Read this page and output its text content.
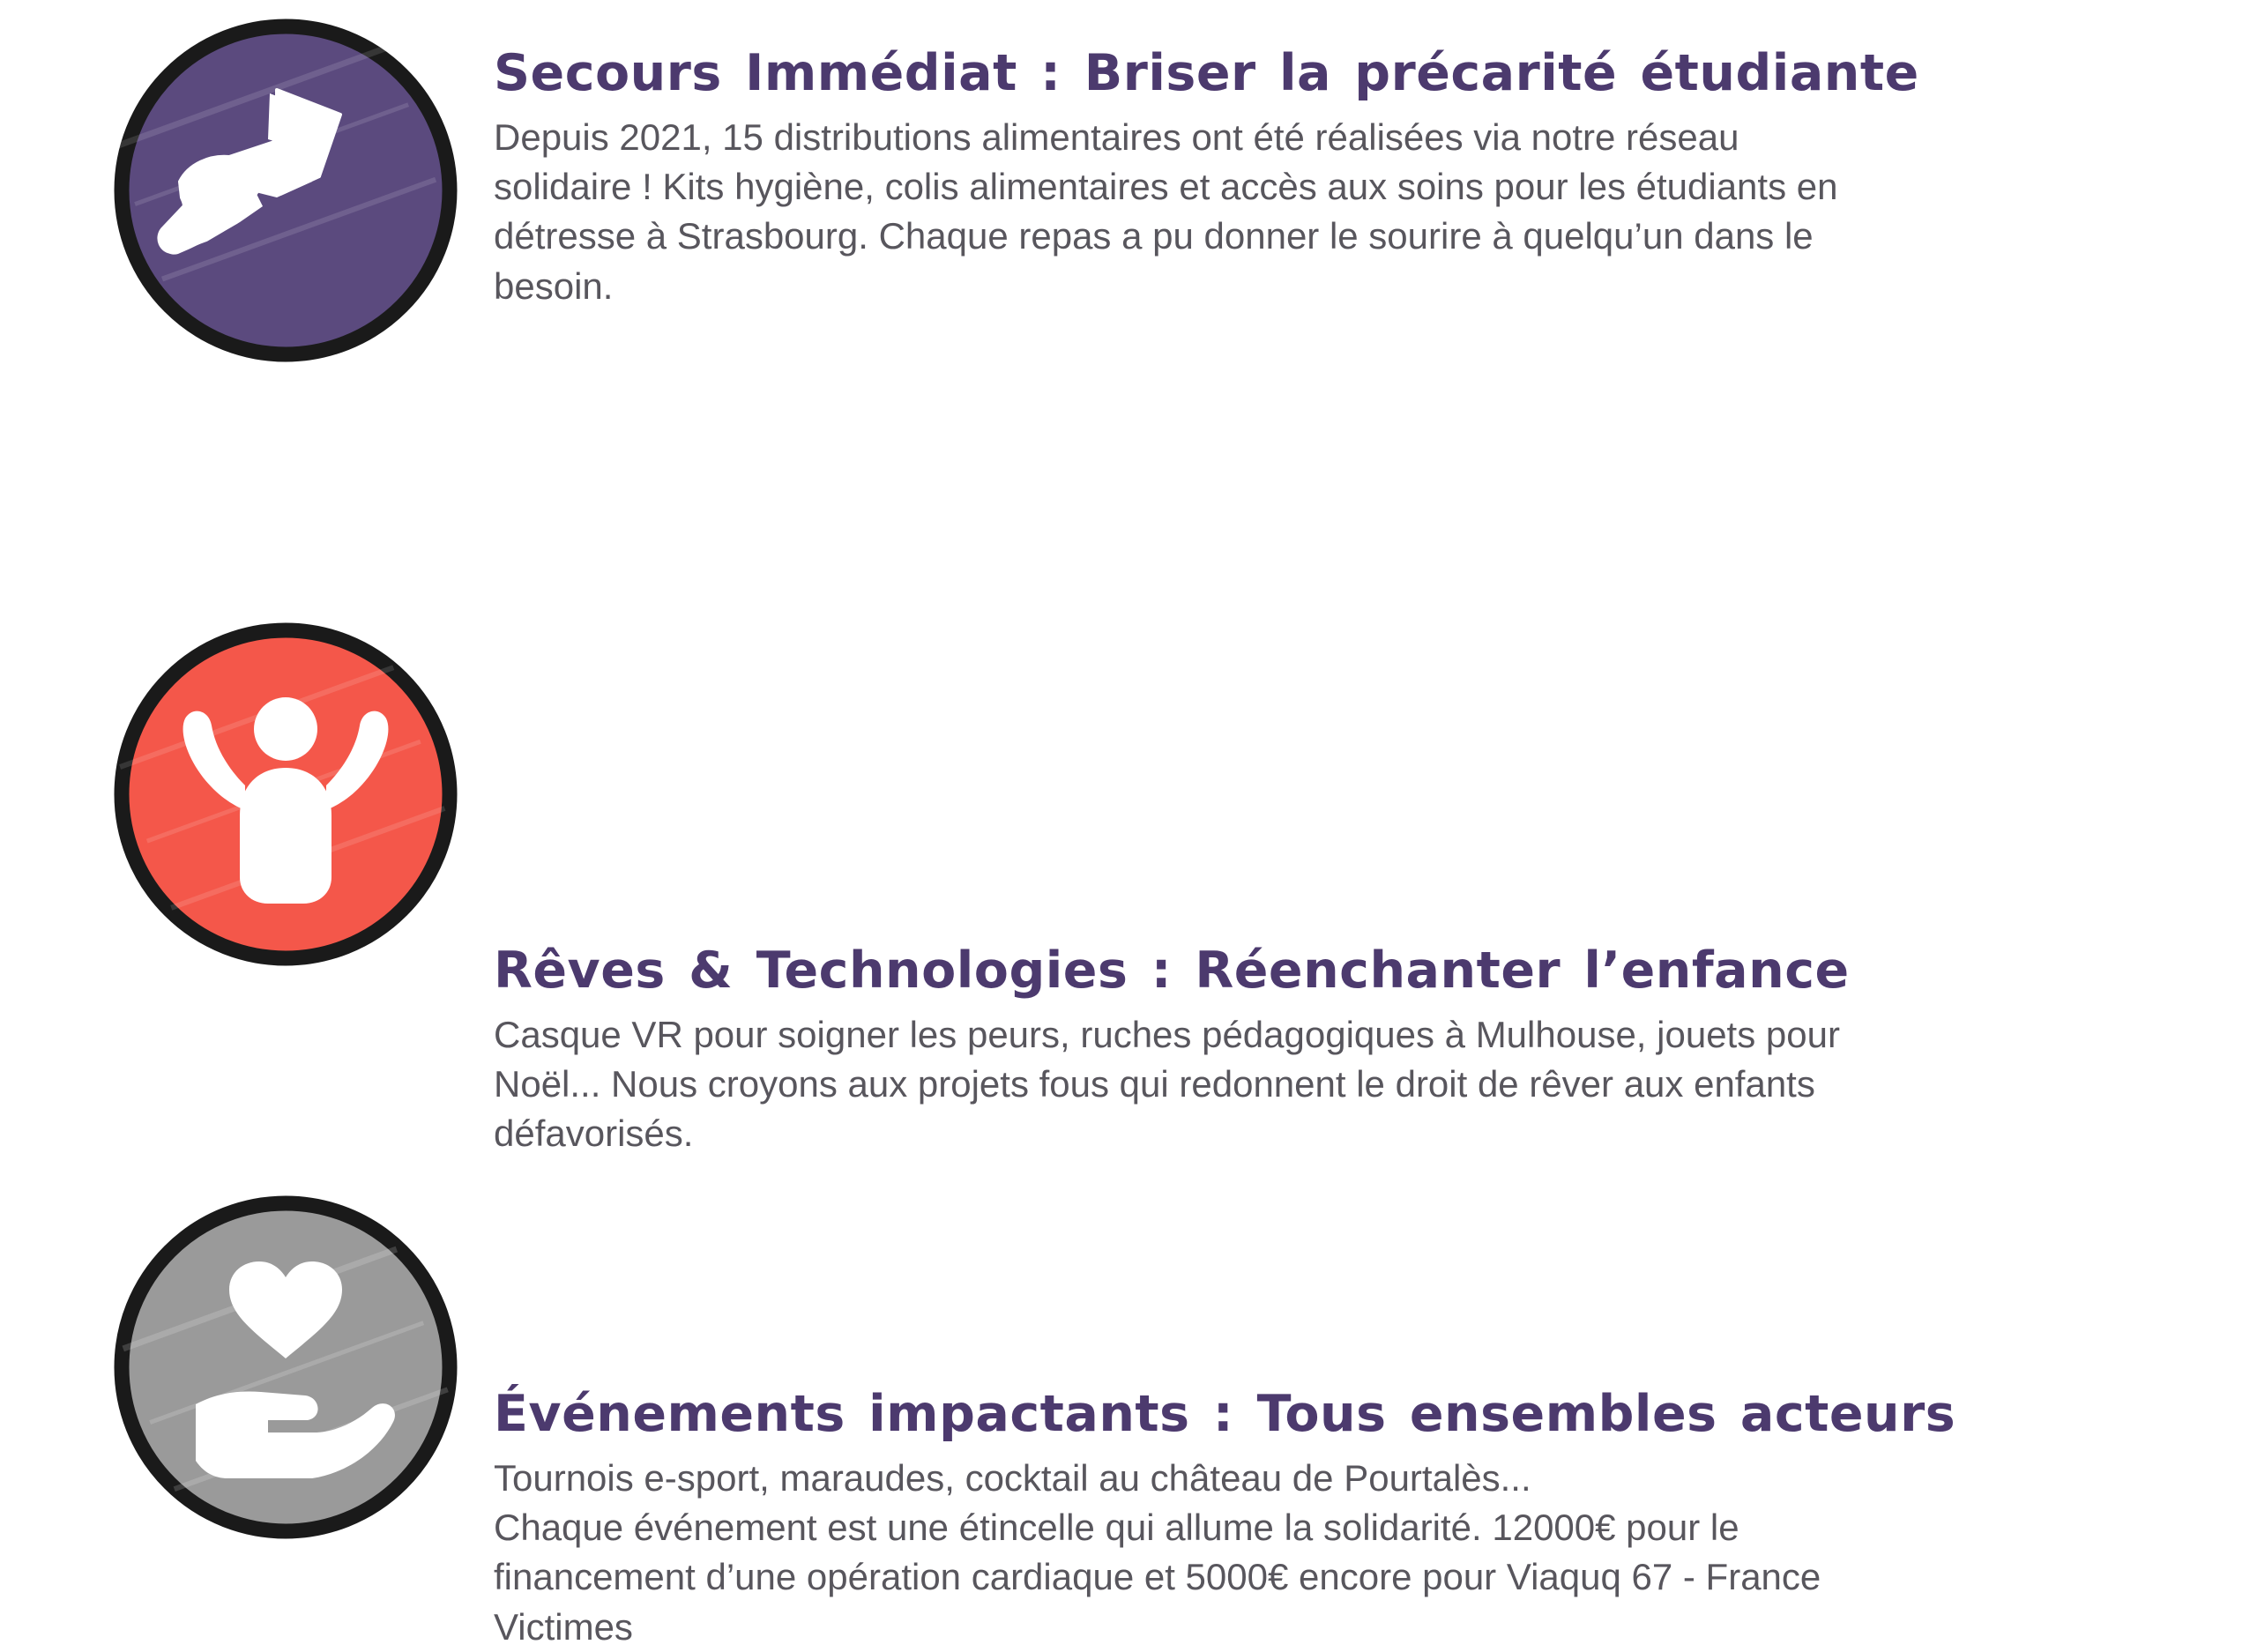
Secours Immédiat : Briser la précarité étudiante

Depuis 2021, 15 distributions alimentaires ont été réalisées via notre réseau
solidaire ! Kits hygiène, colis alimentaires et accès aux soins pour les étudiants en
détresse à Strasbourg. Chaque repas a pu donner le sourire à quelqu’un dans le
besoin.

Rêves & Technologies : Réenchanter l’enfance

Casque VR pour soigner les peurs, ruches pédagogiques à Mulhouse, jouets pour
Noël... Nous croyons aux projets fous qui redonnent le droit de rêver aux enfants
défavorisés.

Événements impactants : Tous ensembles acteurs

Tournois e-sport, maraudes, cocktail au château de Pourtalès...
Chaque événement est une étincelle qui allume la solidarité. 12000€ pour le
financement d’une opération cardiaque et 5000€ encore pour Viaquq 67 - France
Victimes
